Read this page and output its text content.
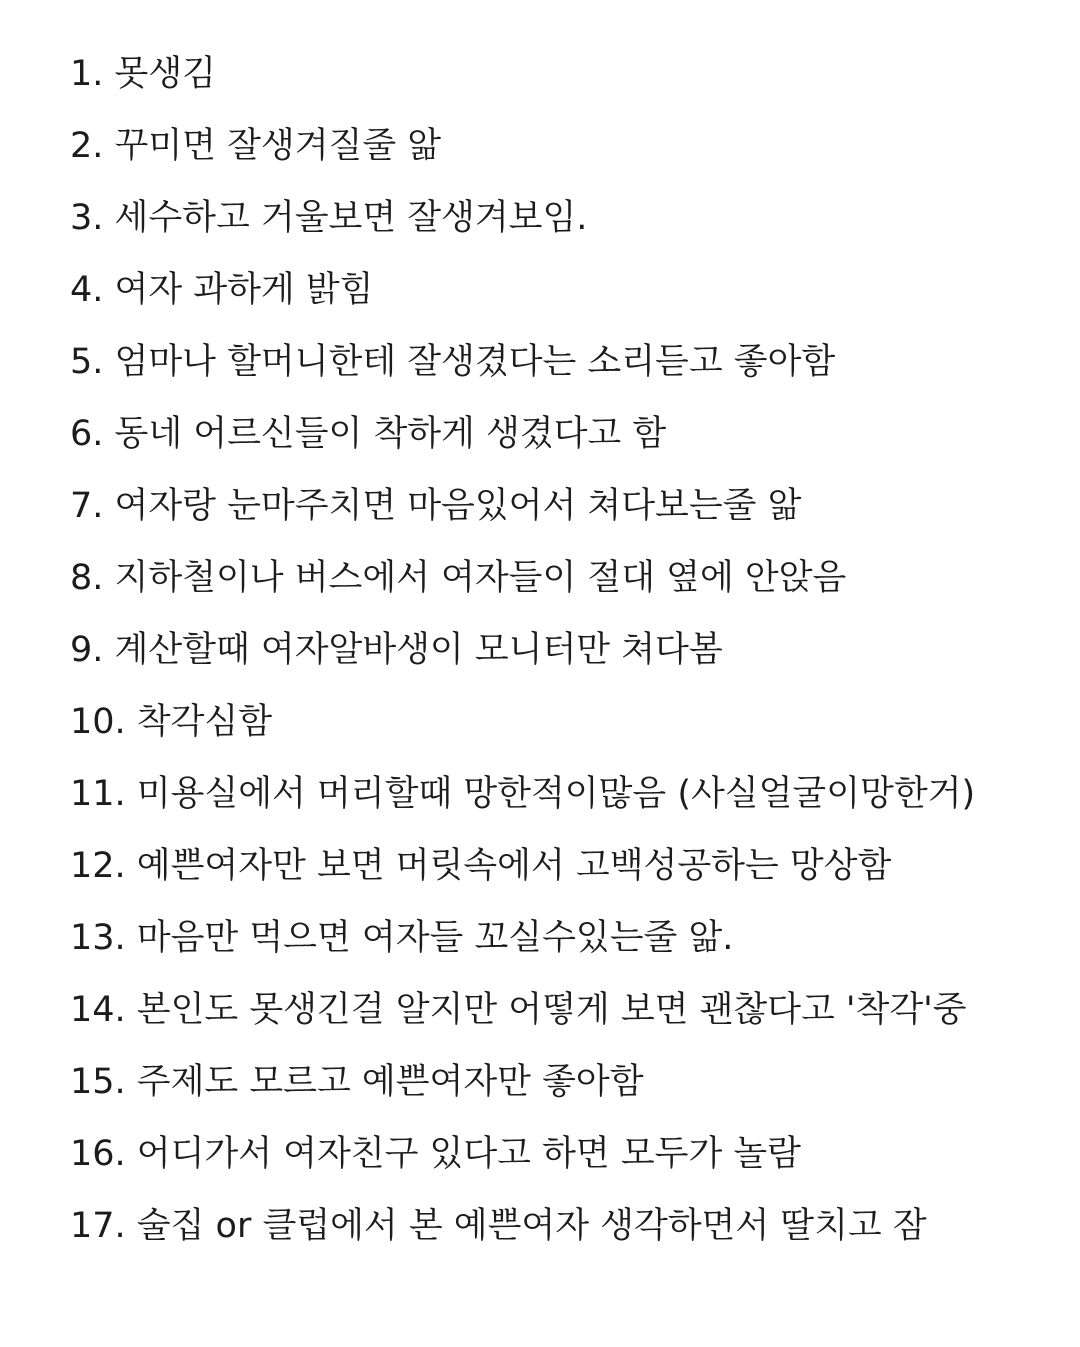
1. 못생김
2. 꾸미면 잘생겨질줄 앎
3. 세수하고 거울보면 잘생겨보임.
4. 여자 과하게 밝힘
5. 엄마나 할머니한테 잘생겼다는 소리듣고 좋아함
6. 동네 어르신들이 착하게 생겼다고 함
7. 여자랑 눈마주치면 마음있어서 쳐다보는줄 앎
8. 지하철이나 버스에서 여자들이 절대 옆에 안앉음
9. 계산할때 여자알바생이 모니터만 쳐다봄
10. 착각심함
11. 미용실에서 머리할때 망한적이많음 (사실얼굴이망한거)
12. 예쁜여자만 보면 머릿속에서 고백성공하는 망상함
13. 마음만 먹으면 여자들 꼬실수있는줄 앎.
14. 본인도 못생긴걸 알지만 어떻게 보면 괜찮다고 '착각'중
15. 주제도 모르고 예쁜여자만 좋아함
16. 어디가서 여자친구 있다고 하면 모두가 놀람
17. 술집 or 클럽에서 본 예쁜여자 생각하면서 딸치고 잠
